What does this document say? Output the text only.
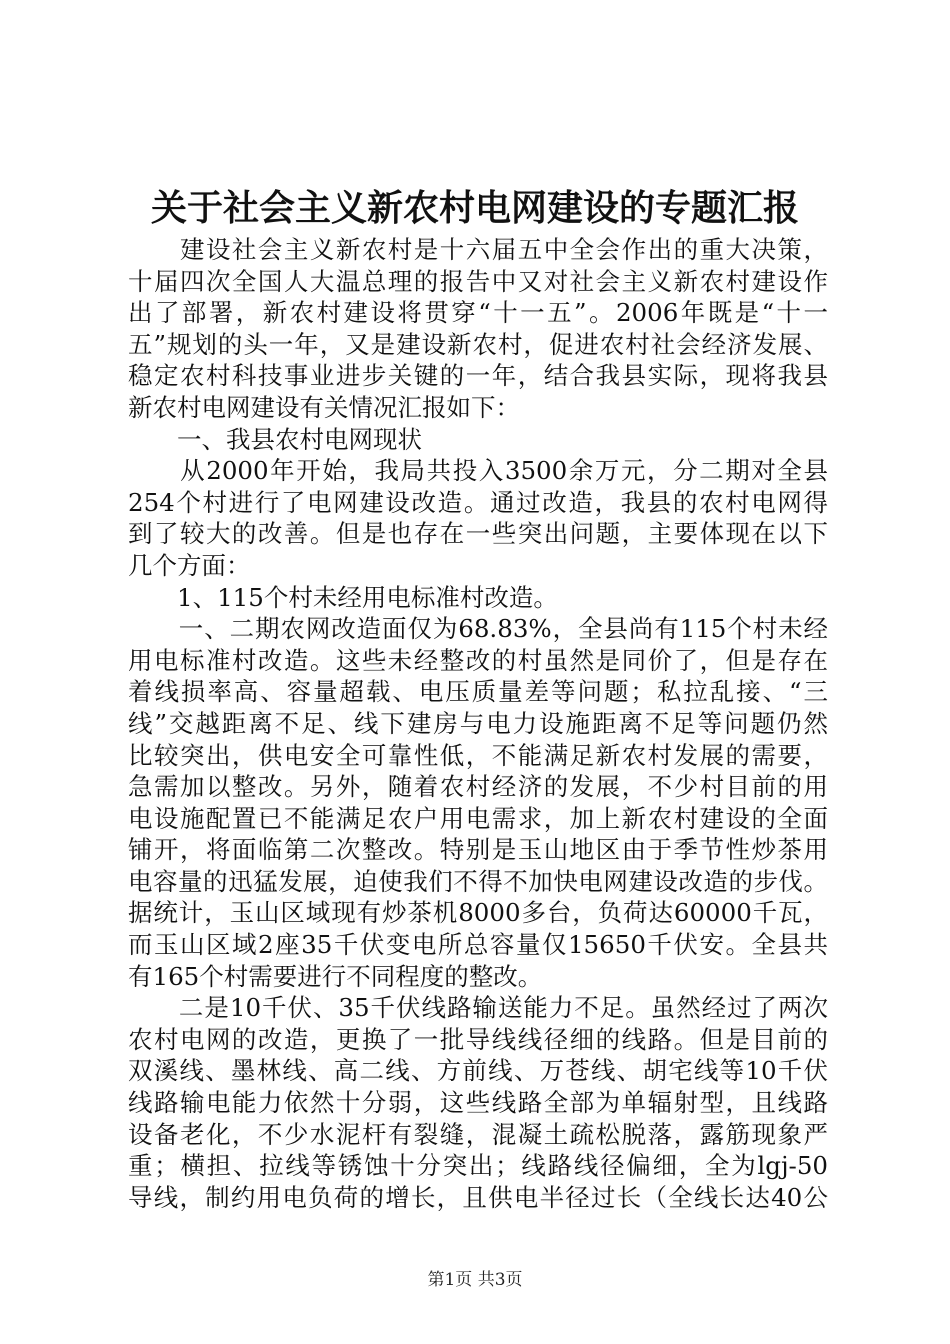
关于社会主义新农村电网建设的专题汇报
　　建设社会主义新农村是十六届五中全会作出的重大决策，
十届四次全国人大温总理的报告中又对社会主义新农村建设作
出了部署，新农村建设将贯穿“十一五”。2006年既是“十一
五”规划的头一年，又是建设新农村，促进农村社会经济发展、
稳定农村科技事业进步关键的一年，结合我县实际，现将我县
新农村电网建设有关情况汇报如下：
　　一、我县农村电网现状
　　从2000年开始，我局共投入3500余万元，分二期对全县
254个村进行了电网建设改造。通过改造，我县的农村电网得
到了较大的改善。但是也存在一些突出问题，主要体现在以下
几个方面：
　　1、115个村未经用电标准村改造。
　　一、二期农网改造面仅为68.83%，全县尚有115个村未经
用电标准村改造。这些未经整改的村虽然是同价了，但是存在
着线损率高、容量超载、电压质量差等问题；私拉乱接、“三
线”交越距离不足、线下建房与电力设施距离不足等问题仍然
比较突出，供电安全可靠性低，不能满足新农村发展的需要，
急需加以整改。另外，随着农村经济的发展，不少村目前的用
电设施配置已不能满足农户用电需求，加上新农村建设的全面
铺开，将面临第二次整改。特别是玉山地区由于季节性炒茶用
电容量的迅猛发展，迫使我们不得不加快电网建设改造的步伐。
据统计，玉山区域现有炒茶机8000多台，负荷达60000千瓦，
而玉山区域2座35千伏变电所总容量仅15650千伏安。全县共
有165个村需要进行不同程度的整改。
　　二是10千伏、35千伏线路输送能力不足。虽然经过了两次
农村电网的改造，更换了一批导线线径细的线路。但是目前的
双溪线、墨林线、高二线、方前线、万苍线、胡宅线等10千伏
线路输电能力依然十分弱，这些线路全部为单辐射型，且线路
设备老化，不少水泥杆有裂缝，混凝土疏松脱落，露筋现象严
重；横担、拉线等锈蚀十分突出；线路线径偏细，全为lgj-50
导线，制约用电负荷的增长，且供电半径过长（全线长达40公
第1页 共3页
